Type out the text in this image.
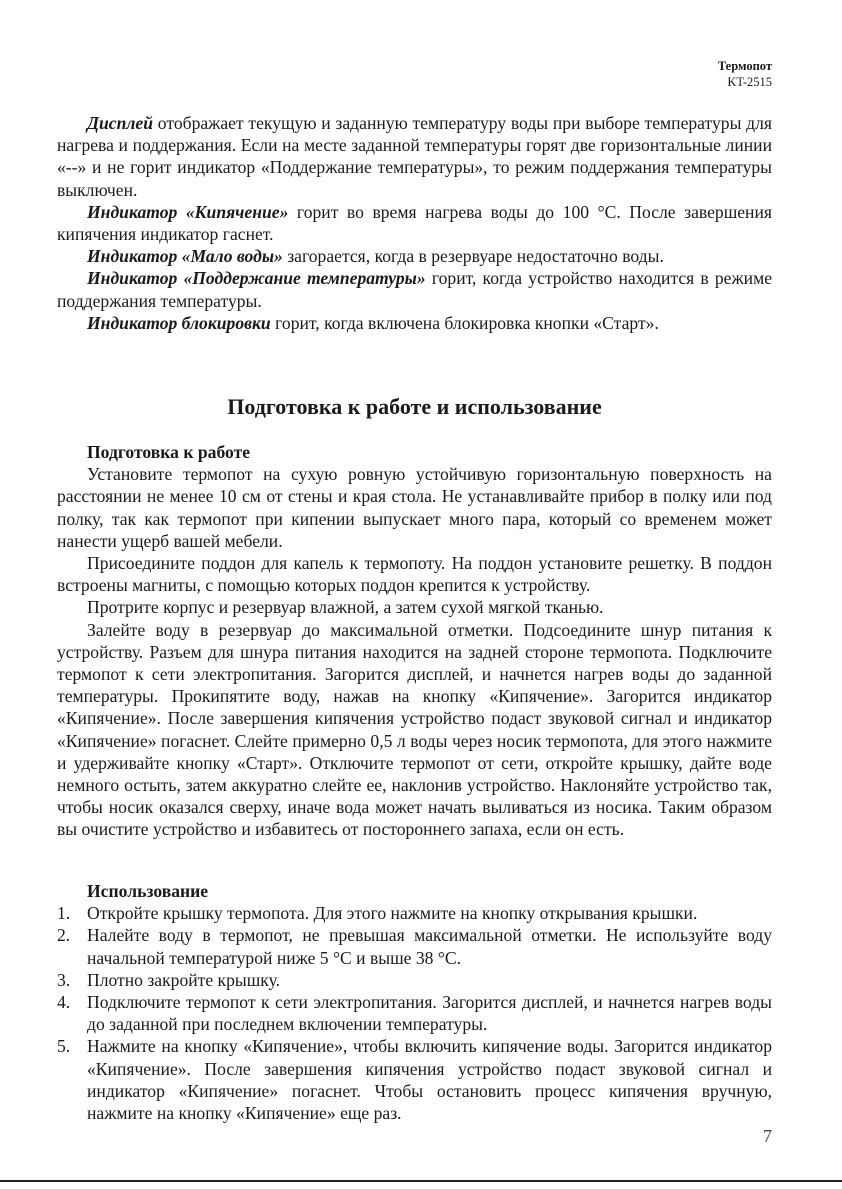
Термопот
KT-2515

Дисплей отображает текущую и заданную температуру воды при выборе температуры для нагрева и поддержания. Если на месте заданной температуры горят две горизонтальные линии «--» и не горит индикатор «Поддержание температуры», то режим поддержания температуры выключен.

Индикатор «Кипячение» горит во время нагрева воды до 100 °C. После завершения кипячения индикатор гаснет.

Индикатор «Мало воды» загорается, когда в резервуаре недостаточно воды.

Индикатор «Поддержание температуры» горит, когда устройство находится в режиме поддержания температуры.

Индикатор блокировки горит, когда включена блокировка кнопки «Старт».

Подготовка к работе и использование
Подготовка к работе

Установите термопот на сухую ровную устойчивую горизонтальную поверхность на расстоянии не менее 10 см от стены и края стола. Не устанавливайте прибор в полку или под полку, так как термопот при кипении выпускает много пара, который со временем может нанести ущерб вашей мебели.

Присоедините поддон для капель к термопоту. На поддон установите решетку. В поддон встроены магниты, с помощью которых поддон крепится к устройству.

Протрите корпус и резервуар влажной, а затем сухой мягкой тканью.

Залейте воду в резервуар до максимальной отметки. Подсоедините шнур питания к устройству. Разъем для шнура питания находится на задней стороне термопота. Подключите термопот к сети электропитания. Загорится дисплей, и начнется нагрев воды до заданной температуры. Прокипятите воду, нажав на кнопку «Кипячение». Загорится индикатор «Кипячение». После завершения кипячения устройство подаст звуковой сигнал и индикатор «Кипячение» погаснет. Слейте примерно 0,5 л воды через носик термопота, для этого нажмите и удерживайте кнопку «Старт». Отключите термопот от сети, откройте крышку, дайте воде немного остыть, затем аккуратно слейте ее, наклонив устройство. Наклоняйте устройство так, чтобы носик оказался сверху, иначе вода может начать выливаться из носика. Таким образом вы очистите устройство и избавитесь от постороннего запаха, если он есть.

Использование
1. Откройте крышку термопота. Для этого нажмите на кнопку открывания крышки.
2. Налейте воду в термопот, не превышая максимальной отметки. Не используйте воду начальной температурой ниже 5 °C и выше 38 °C.
3. Плотно закройте крышку.
4. Подключите термопот к сети электропитания. Загорится дисплей, и начнется нагрев воды до заданной при последнем включении температуры.
5. Нажмите на кнопку «Кипячение», чтобы включить кипячение воды. Загорится индикатор «Кипячение». После завершения кипячения устройство подаст звуковой сигнал и индикатор «Кипячение» погаснет. Чтобы остановить процесс кипячения вручную, нажмите на кнопку «Кипячение» еще раз.
7
